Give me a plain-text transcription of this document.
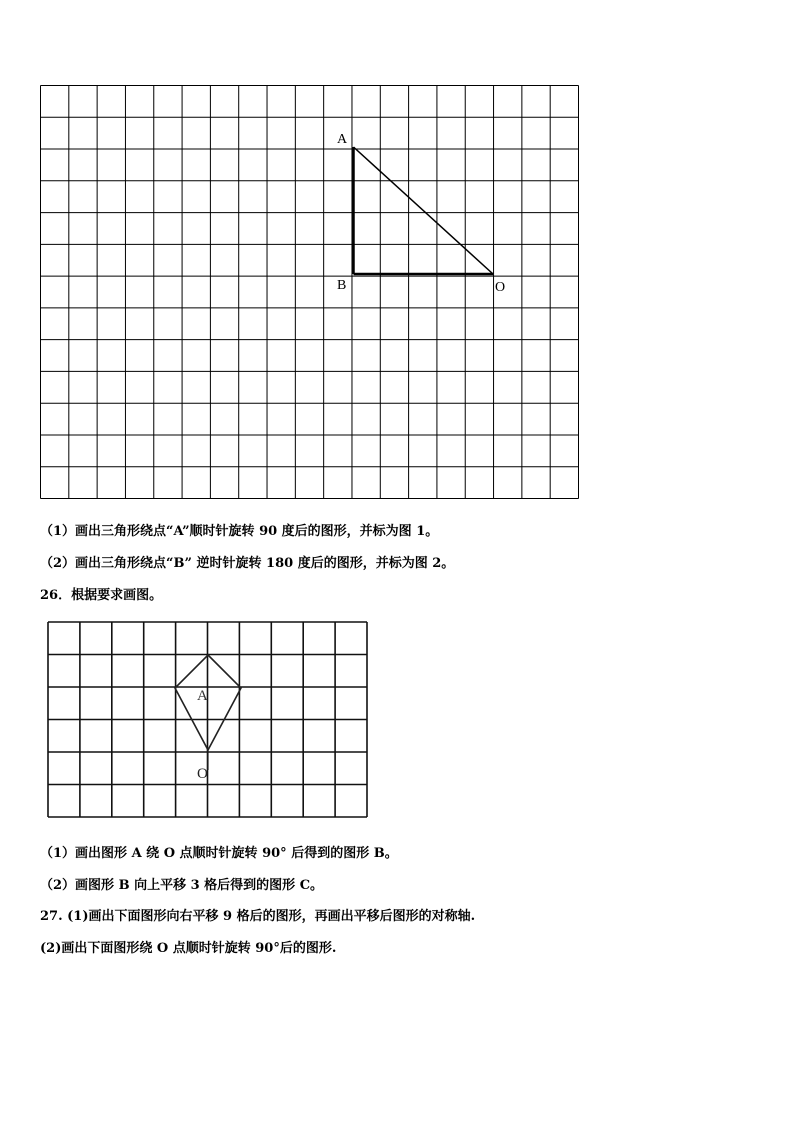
A
B	O
（1）画出三角形绕点“A”顺时针旋转 90 度后的图形，并标为图 1。
（2）画出三角形绕点“B” 逆时针旋转 180 度后的图形，并标为图 2。
26．根据要求画图。
A
O
（1）画出图形 A 绕 O 点顺时针旋转 90° 后得到的图形 B。
（2）画图形 B 向上平移 3 格后得到的图形 C。
27. (1)画出下面图形向右平移 9 格后的图形，再画出平移后图形的对称轴.
(2)画出下面图形绕 O 点顺时针旋转 90°后的图形.
